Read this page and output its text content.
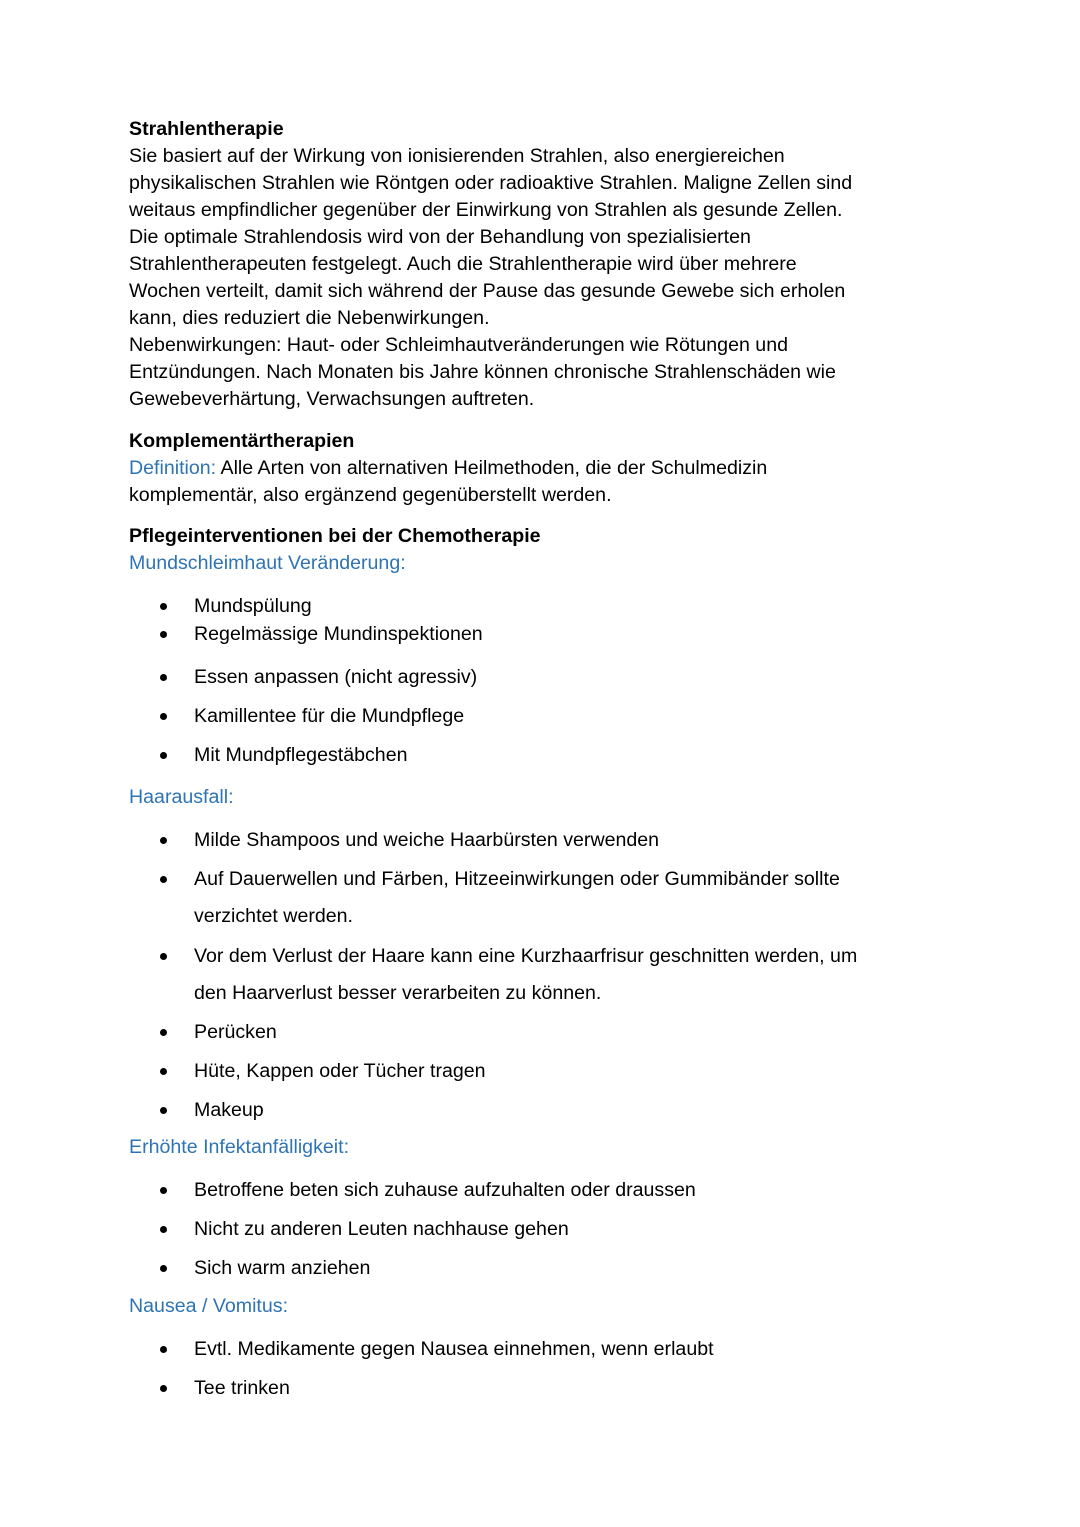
Strahlentherapie
Sie basiert auf der Wirkung von ionisierenden Strahlen, also energiereichen
physikalischen Strahlen wie Röntgen oder radioaktive Strahlen. Maligne Zellen sind
weitaus empfindlicher gegenüber der Einwirkung von Strahlen als gesunde Zellen.
Die optimale Strahlendosis wird von der Behandlung von spezialisierten
Strahlentherapeuten festgelegt. Auch die Strahlentherapie wird über mehrere
Wochen verteilt, damit sich während der Pause das gesunde Gewebe sich erholen
kann, dies reduziert die Nebenwirkungen.
Nebenwirkungen: Haut- oder Schleimhautveränderungen wie Rötungen und
Entzündungen. Nach Monaten bis Jahre können chronische Strahlenschäden wie
Gewebeverhärtung, Verwachsungen auftreten.
Komplementärtherapien
Definition: Alle Arten von alternativen Heilmethoden, die der Schulmedizin
komplementär, also ergänzend gegenüberstellt werden.
Pflegeinterventionen bei der Chemotherapie
Mundschleimhaut Veränderung:
Mundspülung
Regelmässige Mundinspektionen
Essen anpassen (nicht agressiv)
Kamillentee für die Mundpflege
Mit Mundpflegestäbchen
Haarausfall:
Milde Shampoos und weiche Haarbürsten verwenden
Auf Dauerwellen und Färben, Hitzeeinwirkungen oder Gummibänder sollte
verzichtet werden.
Vor dem Verlust der Haare kann eine Kurzhaarfrisur geschnitten werden, um
den Haarverlust besser verarbeiten zu können.
Perücken
Hüte, Kappen oder Tücher tragen
Makeup
Erhöhte Infektanfälligkeit:
Betroffene beten sich zuhause aufzuhalten oder draussen
Nicht zu anderen Leuten nachhause gehen
Sich warm anziehen
Nausea / Vomitus:
Evtl. Medikamente gegen Nausea einnehmen, wenn erlaubt
Tee trinken
